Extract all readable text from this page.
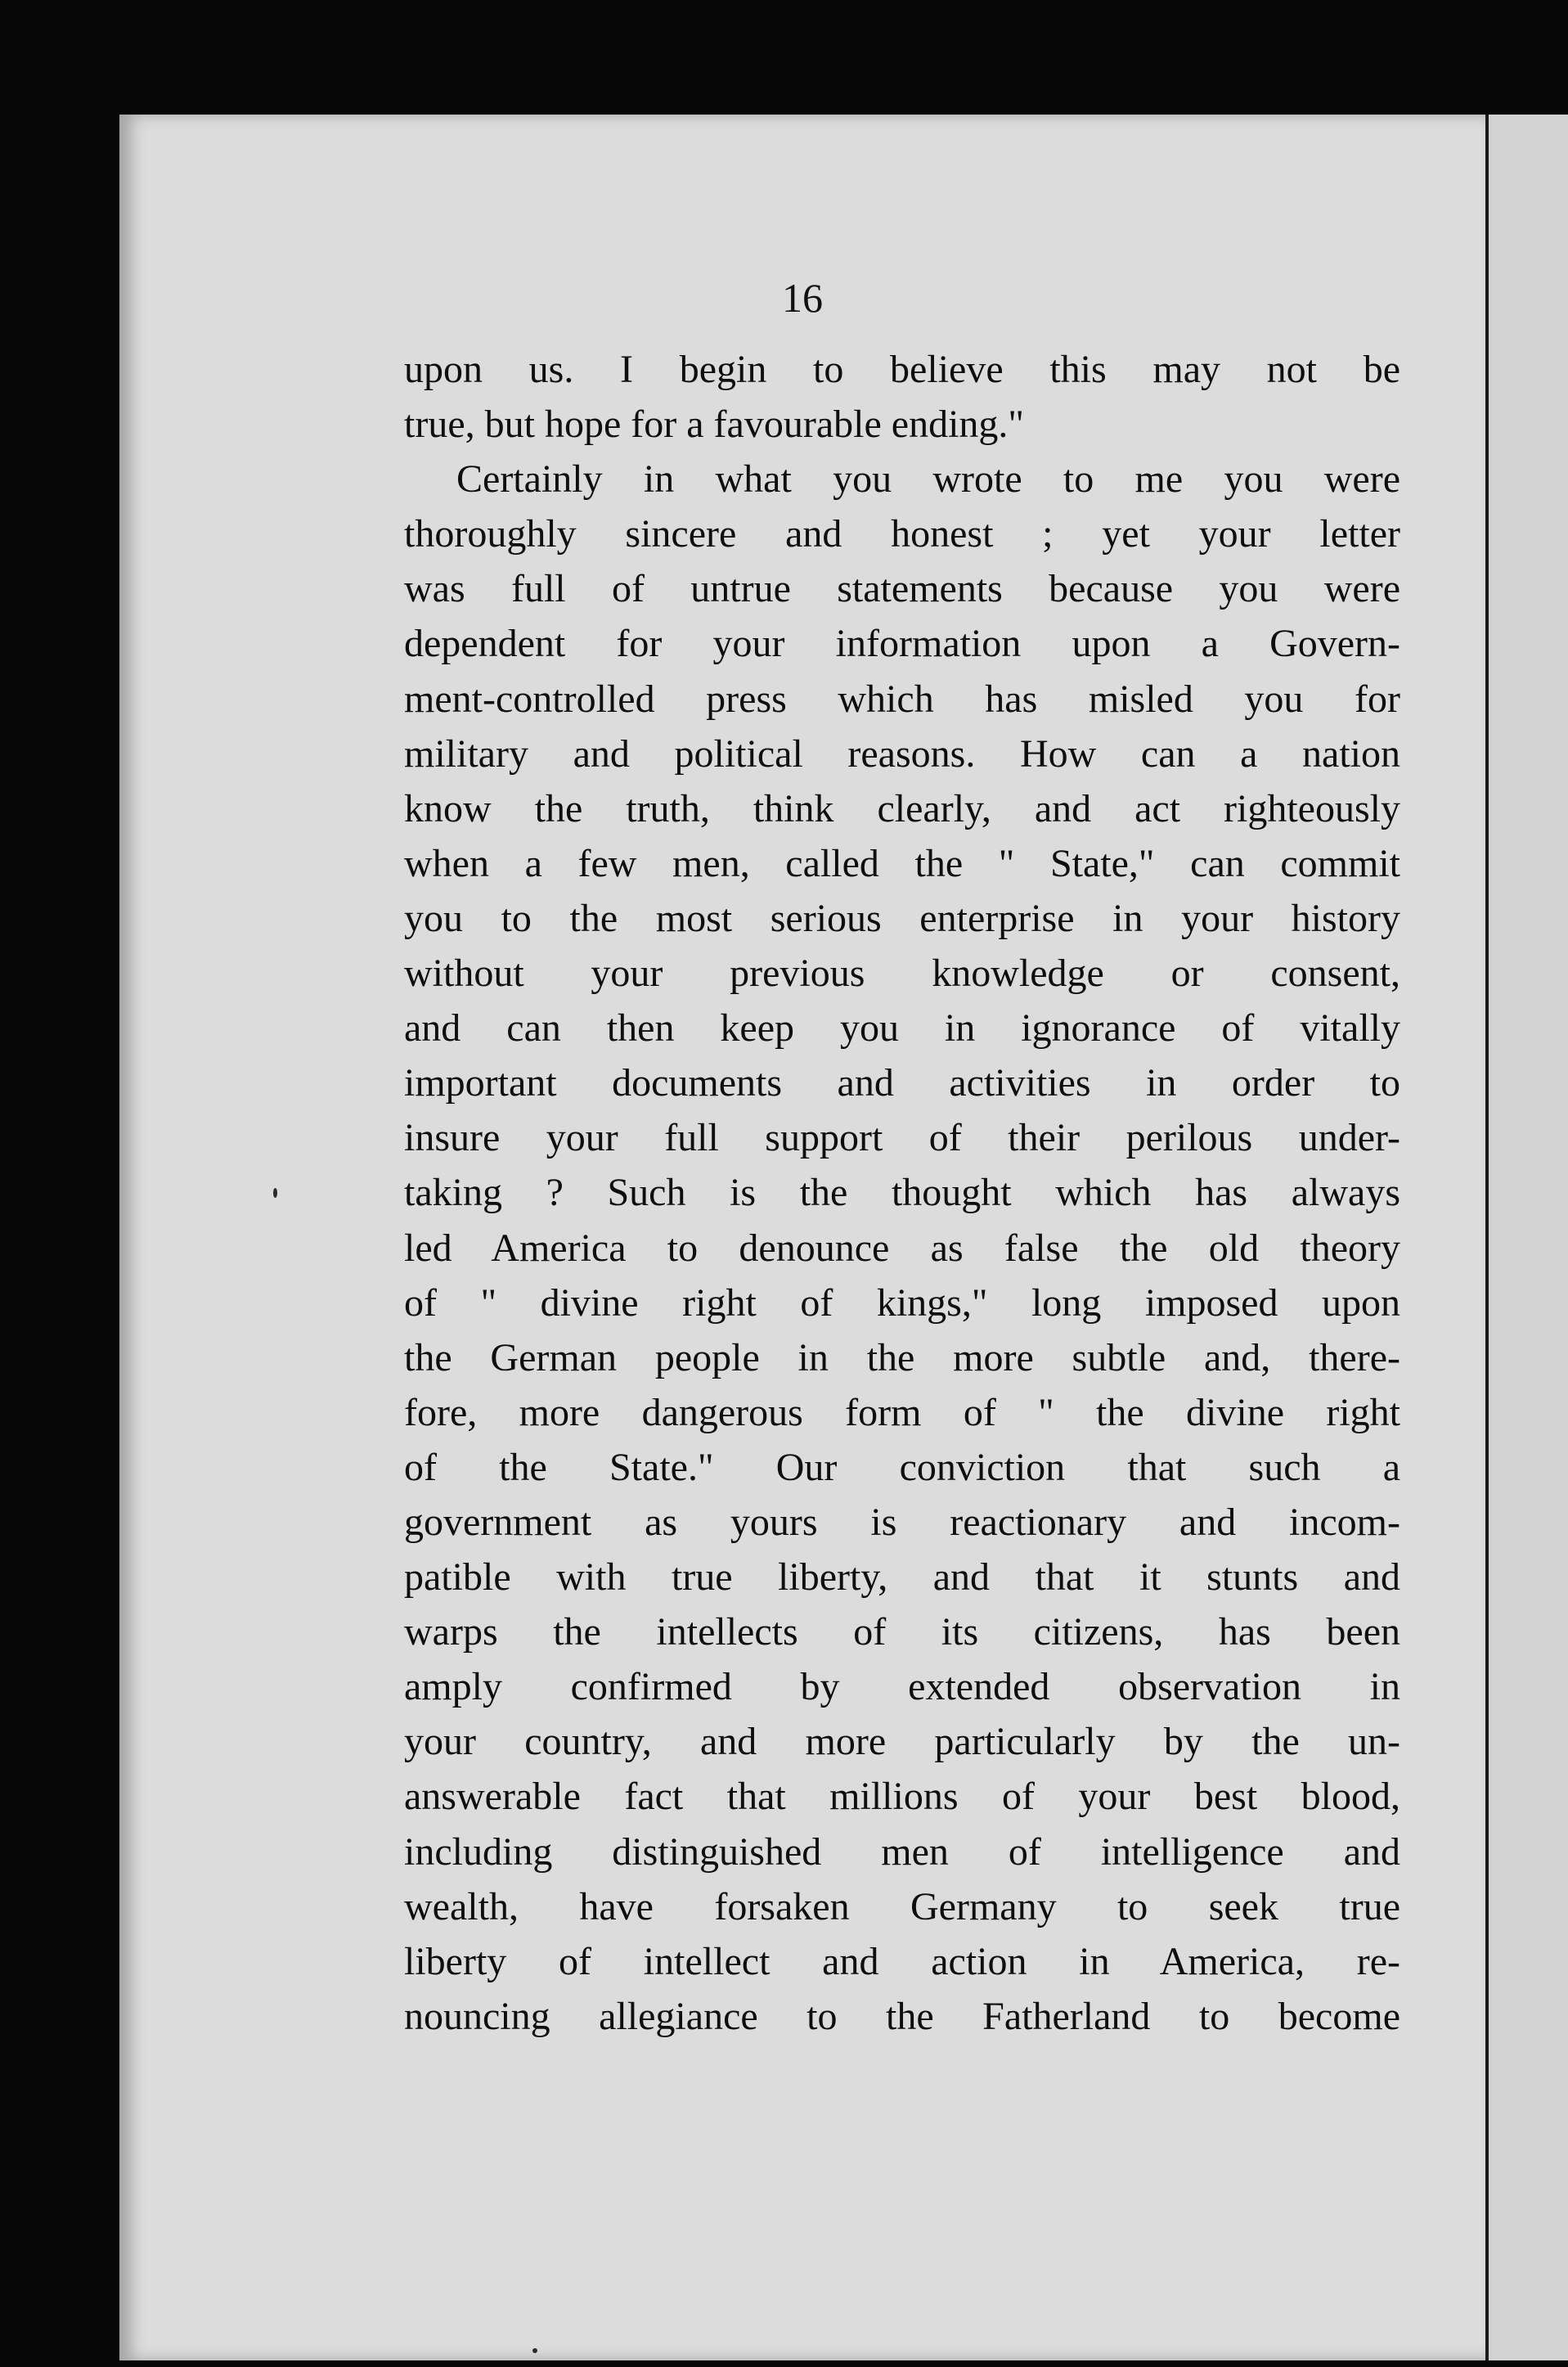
16
upon us. I begin to believe this may not be
true, but hope for a favourable ending."
Certainly in what you wrote to me you were
thoroughly sincere and honest ; yet your letter
was full of untrue statements because you were
dependent for your information upon a Govern-
ment-controlled press which has misled you for
military and political reasons. How can a nation
know the truth, think clearly, and act righteously
when a few men, called the " State," can commit
you to the most serious enterprise in your history
without your previous knowledge or consent,
and can then keep you in ignorance of vitally
important documents and activities in order to
insure your full support of their perilous under-
taking ? Such is the thought which has always
led America to denounce as false the old theory
of " divine right of kings," long imposed upon
the German people in the more subtle and, there-
fore, more dangerous form of " the divine right
of the State." Our conviction that such a
government as yours is reactionary and incom-
patible with true liberty, and that it stunts and
warps the intellects of its citizens, has been
amply confirmed by extended observation in
your country, and more particularly by the un-
answerable fact that millions of your best blood,
including distinguished men of intelligence and
wealth, have forsaken Germany to seek true
liberty of intellect and action in America, re-
nouncing allegiance to the Fatherland to become
